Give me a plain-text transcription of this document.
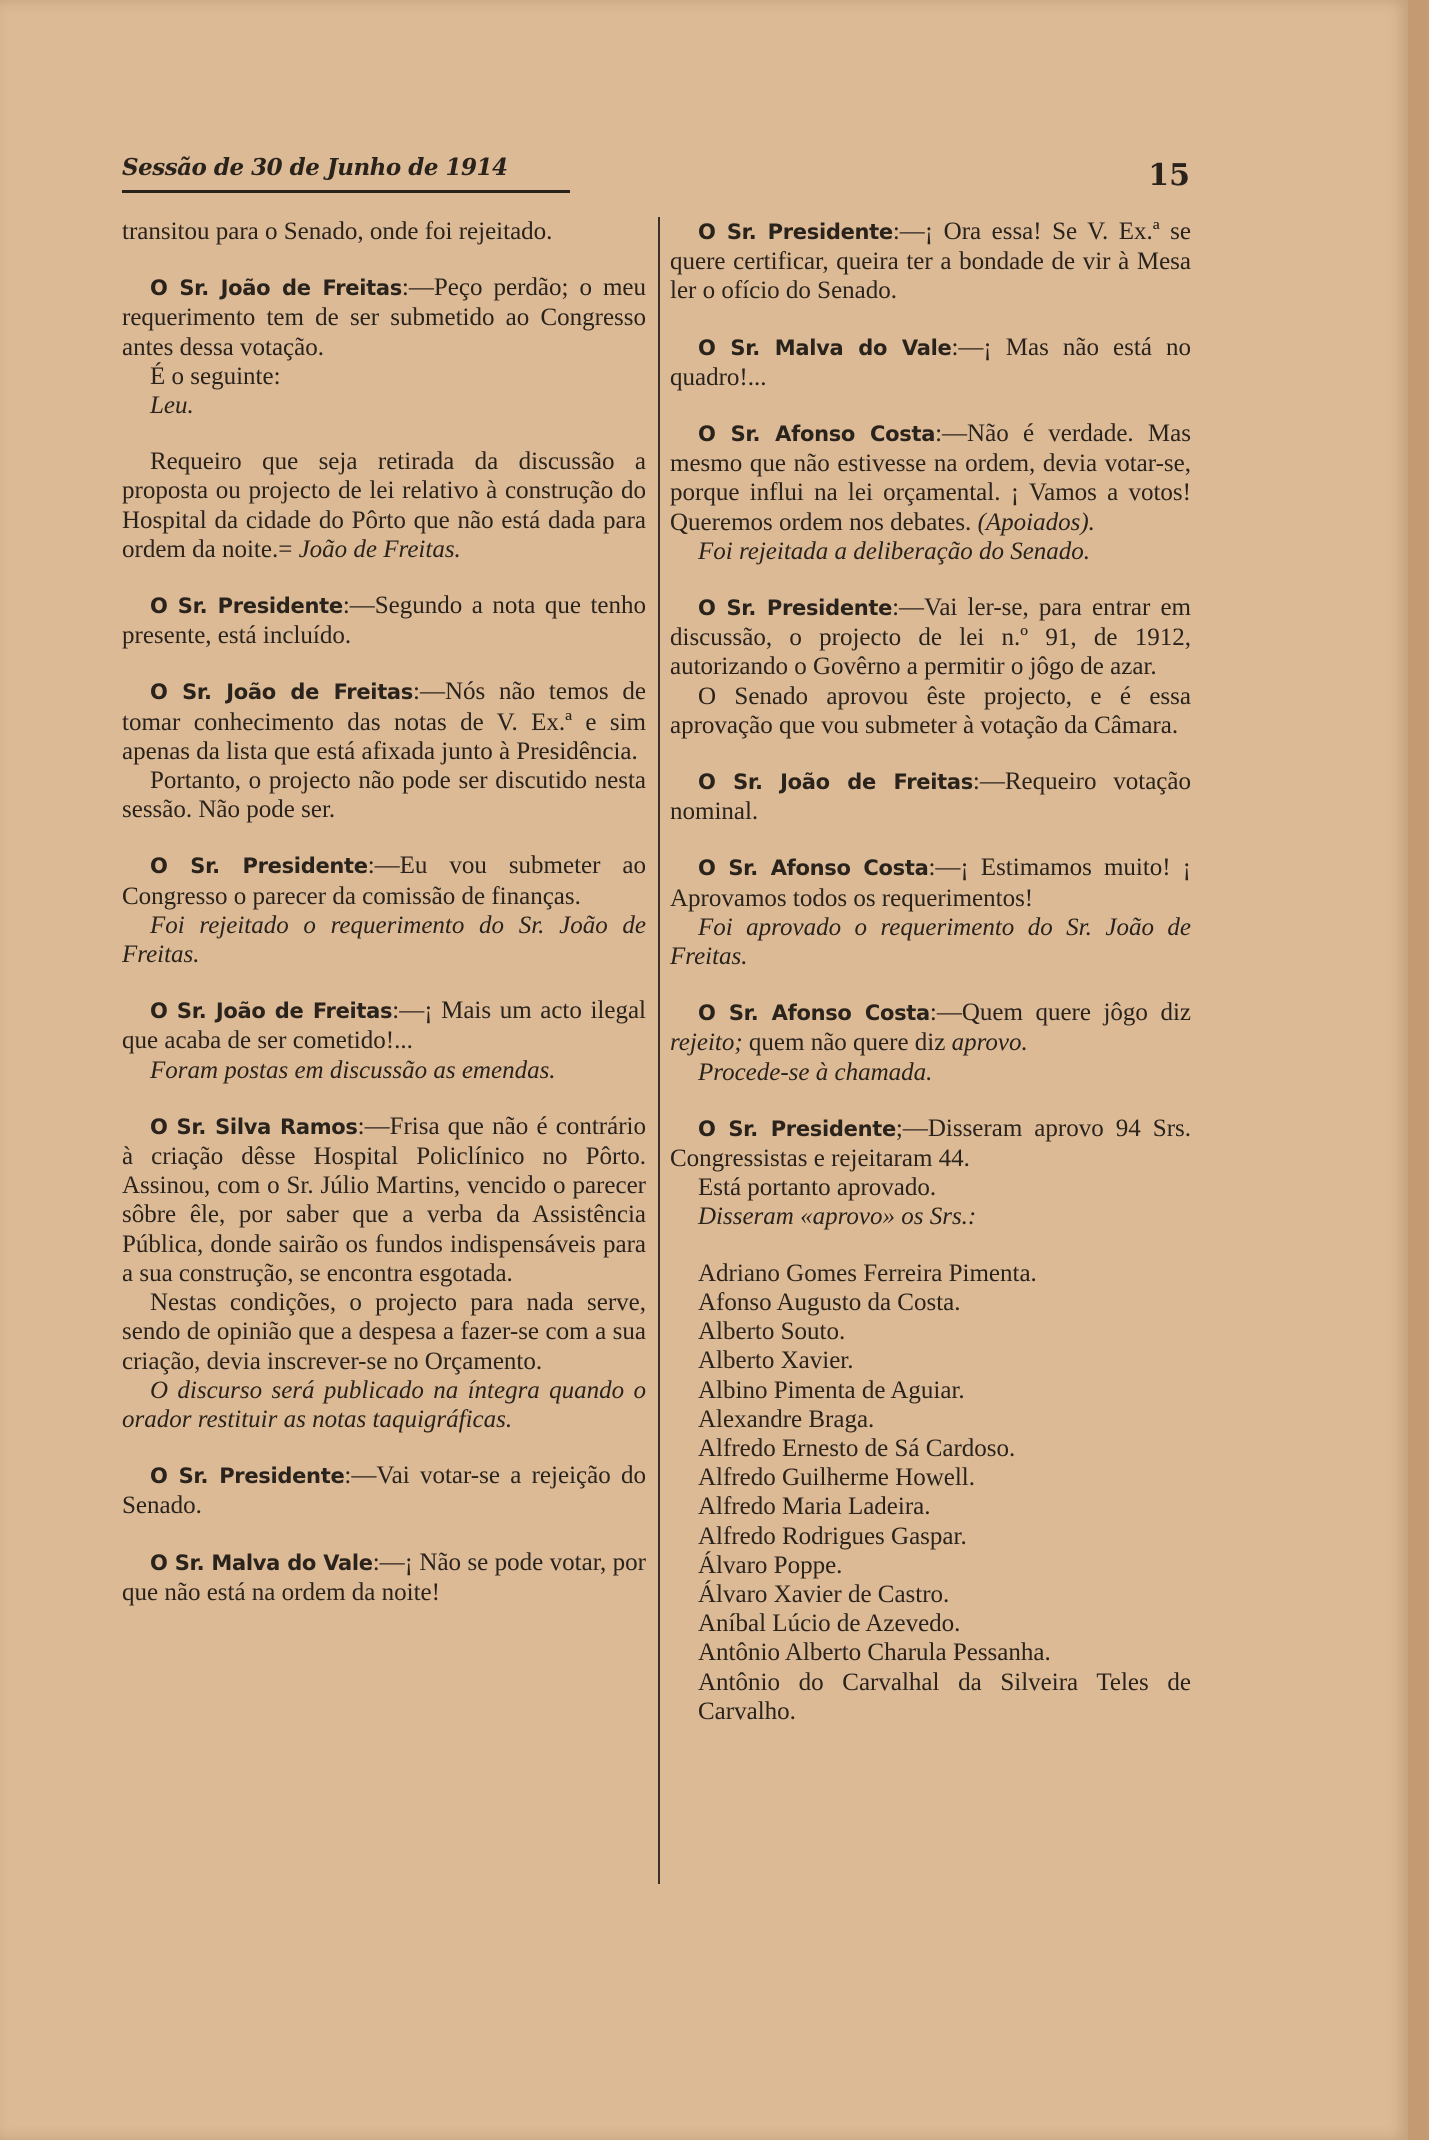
Sessão de 30 de Junho de 1914	15

transitou para o Senado, onde foi rejeitado.

O Sr. João de Freitas:—Peço perdão; o meu requerimento tem de ser submetido ao Congresso antes dessa votação.

É o seguinte:

Leu.

Requeiro que seja retirada da discussão a proposta ou projecto de lei relativo à construção do Hospital da cidade do Pôrto que não está dada para ordem da noite.= João de Freitas.

O Sr. Presidente:—Segundo a nota que tenho presente, está incluído.

O Sr. João de Freitas:—Nós não temos de tomar conhecimento das notas de V. Ex.ª e sim apenas da lista que está afixada junto à Presidência.

Portanto, o projecto não pode ser discutido nesta sessão. Não pode ser.

O Sr. Presidente:—Eu vou submeter ao Congresso o parecer da comissão de finanças.

Foi rejeitado o requerimento do Sr. João de Freitas.

O Sr. João de Freitas:—¡ Mais um acto ilegal que acaba de ser cometido!...

Foram postas em discussão as emendas.

O Sr. Silva Ramos:—Frisa que não é contrário à criação dêsse Hospital Policlínico no Pôrto. Assinou, com o Sr. Júlio Martins, vencido o parecer sôbre êle, por saber que a verba da Assistência Pública, donde sairão os fundos indispensáveis para a sua construção, se encontra esgotada.

Nestas condições, o projecto para nada serve, sendo de opinião que a despesa a fazer-se com a sua criação, devia inscrever-se no Orçamento.

O discurso será publicado na íntegra quando o orador restituir as notas taquigráficas.

O Sr. Presidente:—Vai votar-se a rejeição do Senado.

O Sr. Malva do Vale:—¡ Não se pode votar, por que não está na ordem da noite!

O Sr. Presidente:—¡ Ora essa! Se V. Ex.ª se quere certificar, queira ter a bondade de vir à Mesa ler o ofício do Senado.

O Sr. Malva do Vale:—¡ Mas não está no quadro!...

O Sr. Afonso Costa:—Não é verdade. Mas mesmo que não estivesse na ordem, devia votar-se, porque influi na lei orçamental. ¡ Vamos a votos! Queremos ordem nos debates. (Apoiados).

Foi rejeitada a deliberação do Senado.

O Sr. Presidente:—Vai ler-se, para entrar em discussão, o projecto de lei n.º 91, de 1912, autorizando o Govêrno a permitir o jôgo de azar.

O Senado aprovou êste projecto, e é essa aprovação que vou submeter à votação da Câmara.

O Sr. João de Freitas:—Requeiro votação nominal.

O Sr. Afonso Costa:—¡ Estimamos muito! ¡ Aprovamos todos os requerimentos!

Foi aprovado o requerimento do Sr. João de Freitas.

O Sr. Afonso Costa:—Quem quere jôgo diz rejeito; quem não quere diz aprovo.

Procede-se à chamada.

O Sr. Presidente;—Disseram aprovo 94 Srs. Congressistas e rejeitaram 44.

Está portanto aprovado.

Disseram «aprovo» os Srs.:

Adriano Gomes Ferreira Pimenta.
Afonso Augusto da Costa.
Alberto Souto.
Alberto Xavier.
Albino Pimenta de Aguiar.
Alexandre Braga.
Alfredo Ernesto de Sá Cardoso.
Alfredo Guilherme Howell.
Alfredo Maria Ladeira.
Alfredo Rodrigues Gaspar.
Álvaro Poppe.
Álvaro Xavier de Castro.
Aníbal Lúcio de Azevedo.
Antônio Alberto Charula Pessanha.
Antônio do Carvalhal da Silveira Teles de Carvalho.
